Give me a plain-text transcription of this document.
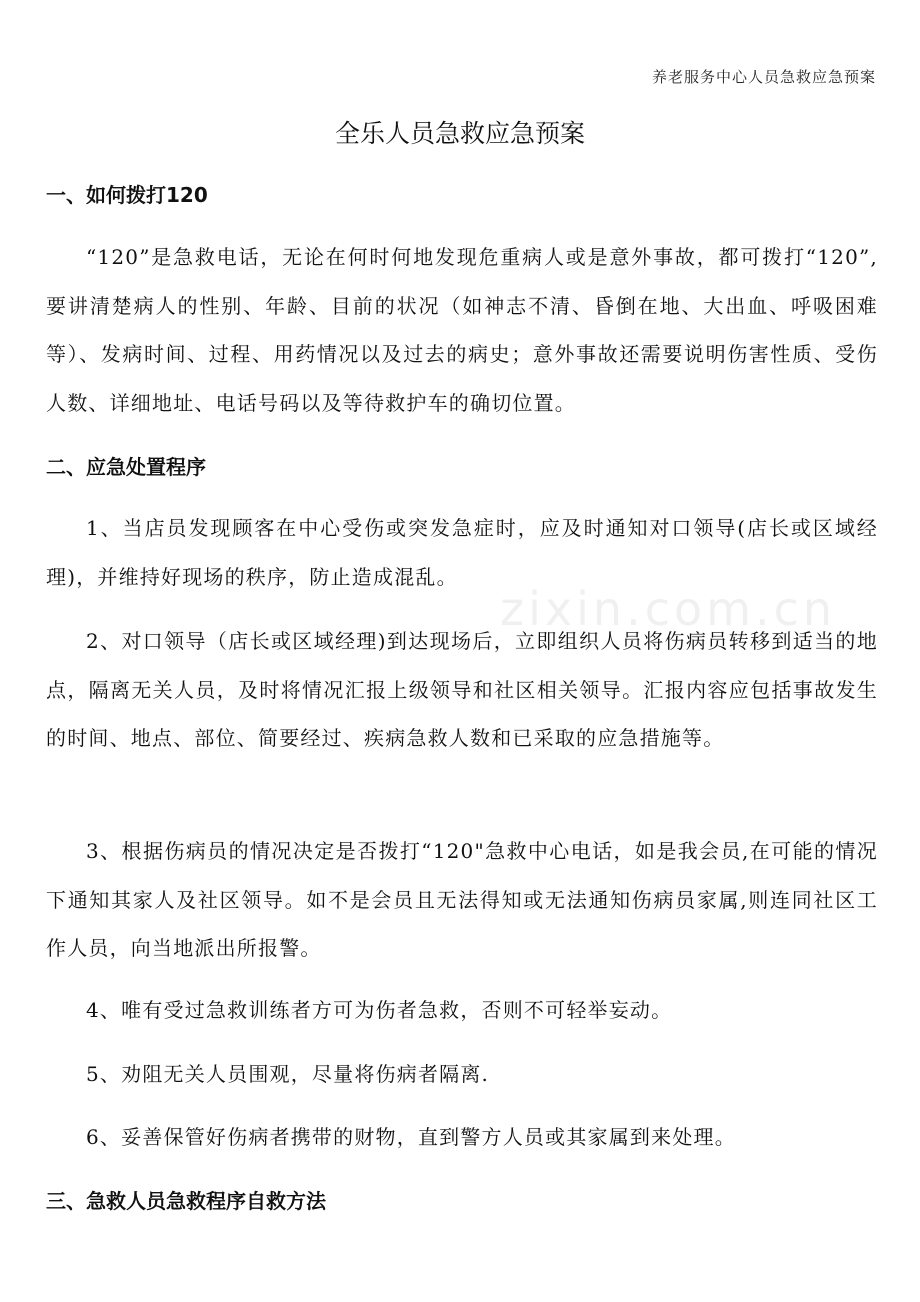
养老服务中心人员急救应急预案
全乐人员急救应急预案

一、如何拨打120

“120”是急救电话，无论在何时何地发现危重病人或是意外事故，都可拨打“120”,要讲清楚病人的性别、年龄、目前的状况（如神志不清、昏倒在地、大出血、呼吸困难等）、发病时间、过程、用药情况以及过去的病史；意外事故还需要说明伤害性质、受伤人数、详细地址、电话号码以及等待救护车的确切位置。

二、应急处置程序

1、当店员发现顾客在中心受伤或突发急症时，应及时通知对口领导(店长或区域经理)，并维持好现场的秩序，防止造成混乱。

2、对口领导（店长或区域经理)到达现场后，立即组织人员将伤病员转移到适当的地点，隔离无关人员，及时将情况汇报上级领导和社区相关领导。汇报内容应包括事故发生的时间、地点、部位、简要经过、疾病急救人数和已采取的应急措施等。

3、根据伤病员的情况决定是否拨打“120"急救中心电话，如是我会员,在可能的情况下通知其家人及社区领导。如不是会员且无法得知或无法通知伤病员家属,则连同社区工作人员，向当地派出所报警。

4、唯有受过急救训练者方可为伤者急救，否则不可轻举妄动。

5、劝阻无关人员围观，尽量将伤病者隔离.

6、妥善保管好伤病者携带的财物，直到警方人员或其家属到来处理。

三、急救人员急救程序自救方法

zixin.com.cn
